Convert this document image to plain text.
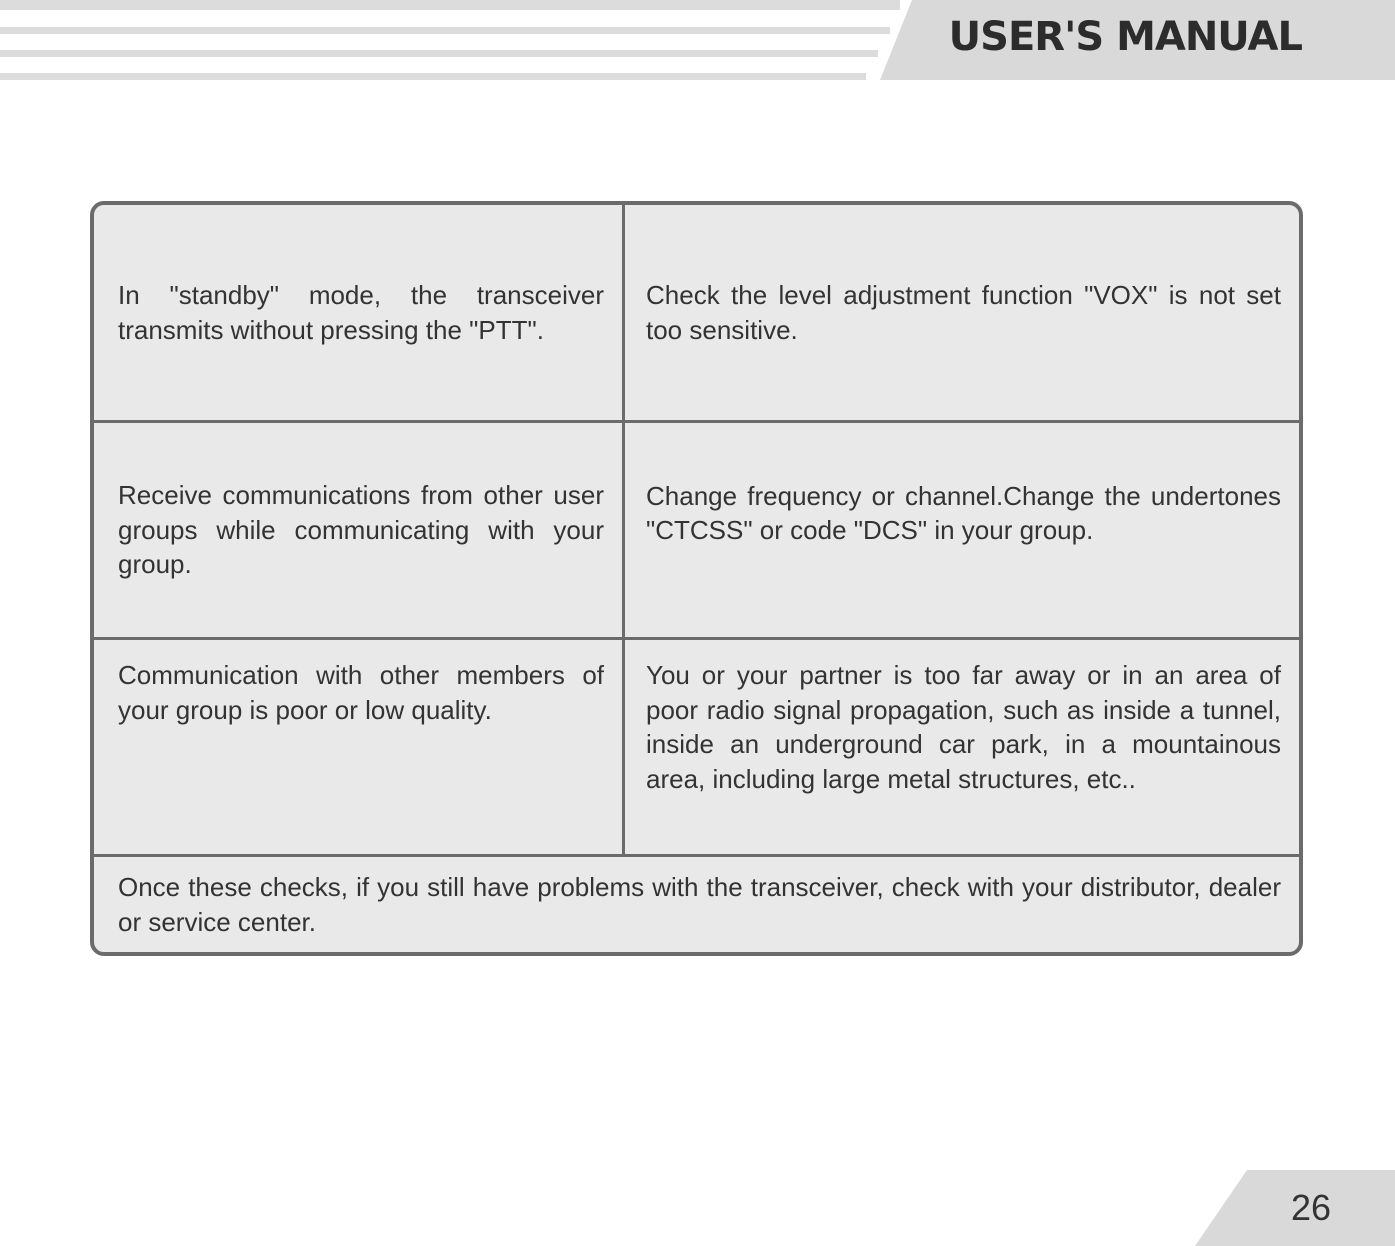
USER'S MANUAL
In "standby" mode, the transceiver transmits without pressing the "PTT".
Check the level adjustment function "VOX" is not set too sensitive.
Receive communications from other user groups while communicating with your group.
Change frequency or channel.Change the undertones "CTCSS" or code "DCS" in your group.
Communication with other members of your group is poor or low quality.
You or your partner is too far away or in an area of poor radio signal propagation, such as inside a tunnel, inside an underground car park, in a mountainous area, including large metal structures, etc..
Once these checks, if you still have problems with the transceiver, check with your distributor, dealer or service center.
26
